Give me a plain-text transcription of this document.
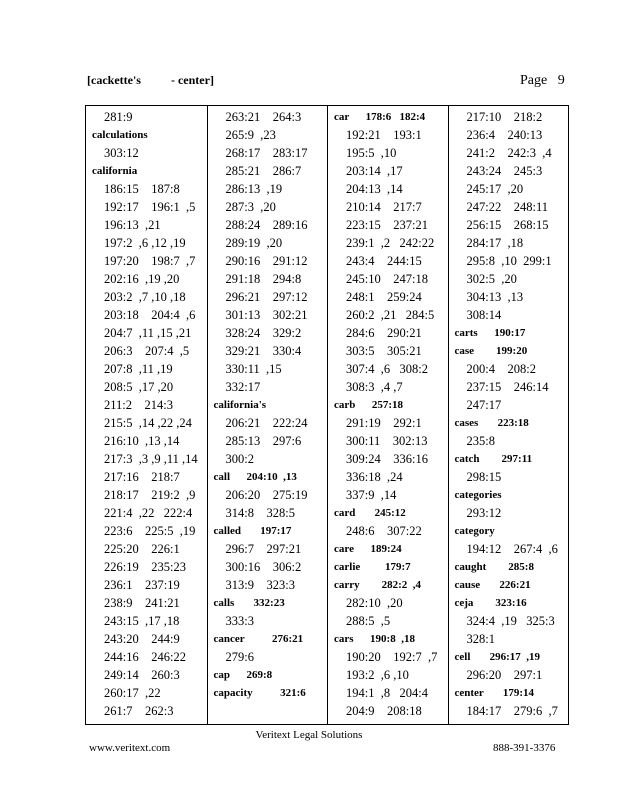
[cackette's          - center]	Page   9
281:9
calculations
303:12
california
186:15    187:8
192:17    196:1  ,5
196:13  ,21
197:2  ,6 ,12 ,19
197:20    198:7  ,7
202:16  ,19 ,20
203:2  ,7 ,10 ,18
203:18    204:4  ,6
204:7  ,11 ,15 ,21
206:3    207:4  ,5
207:8  ,11 ,19
208:5  ,17 ,20
211:2    214:3
215:5  ,14 ,22 ,24
216:10  ,13 ,14
217:3  ,3 ,9 ,11 ,14
217:16    218:7
218:17    219:2  ,9
221:4  ,22   222:4
223:6    225:5  ,19
225:20    226:1
226:19    235:23
236:1    237:19
238:9    241:21
243:15  ,17 ,18
243:20    244:9
244:16    246:22
249:14    260:3
260:17  ,22
261:7    262:3
263:21    264:3
265:9  ,23
268:17    283:17
285:21    286:7
286:13  ,19
287:3  ,20
288:24    289:16
289:19  ,20
290:16    291:12
291:18    294:8
296:21    297:12
301:13    302:21
328:24    329:2
329:21    330:4
330:11  ,15
332:17
california's
206:21    222:24
285:13    297:6
300:2
call      204:10  ,13
206:20    275:19
314:8    328:5
called       197:17
296:7    297:21
300:16    306:2
313:9    323:3
calls       332:23
333:3
cancer          276:21
279:6
cap      269:8
capacity          321:6
car      178:6   182:4
192:21    193:1
195:5  ,10
203:14  ,17
204:13  ,14
210:14    217:7
223:15    237:21
239:1  ,2   242:22
243:4    244:15
245:10    247:18
248:1    259:24
260:2  ,21   284:5
284:6    290:21
303:5    305:21
307:4  ,6   308:2
308:3  ,4 ,7
carb      257:18
291:19    292:1
300:11    302:13
309:24    336:16
336:18  ,24
337:9  ,14
card       245:12
248:6    307:22
care      189:24
carlie         179:7
carry        282:2  ,4
282:10  ,20
288:5  ,5
cars      190:8  ,18
190:20    192:7  ,7
193:2  ,6 ,10
194:1  ,8   204:4
204:9    208:18
217:10    218:2
236:4    240:13
241:2    242:3  ,4
243:24    245:3
245:17  ,20
247:22    248:11
256:15    268:15
284:17  ,18
295:8  ,10  299:1
302:5  ,20
304:13  ,13
308:14
carts      190:17
case        199:20
200:4    208:2
237:15    246:14
247:17
cases       223:18
235:8
catch        297:11
298:15
categories
293:12
category
194:12    267:4  ,6
caught        285:8
cause       226:21
ceja        323:16
324:4  ,19   325:3
328:1
cell       296:17  ,19
296:20    297:1
center       179:14
184:17    279:6  ,7
Veritext Legal Solutions
www.veritext.com	888-391-3376
